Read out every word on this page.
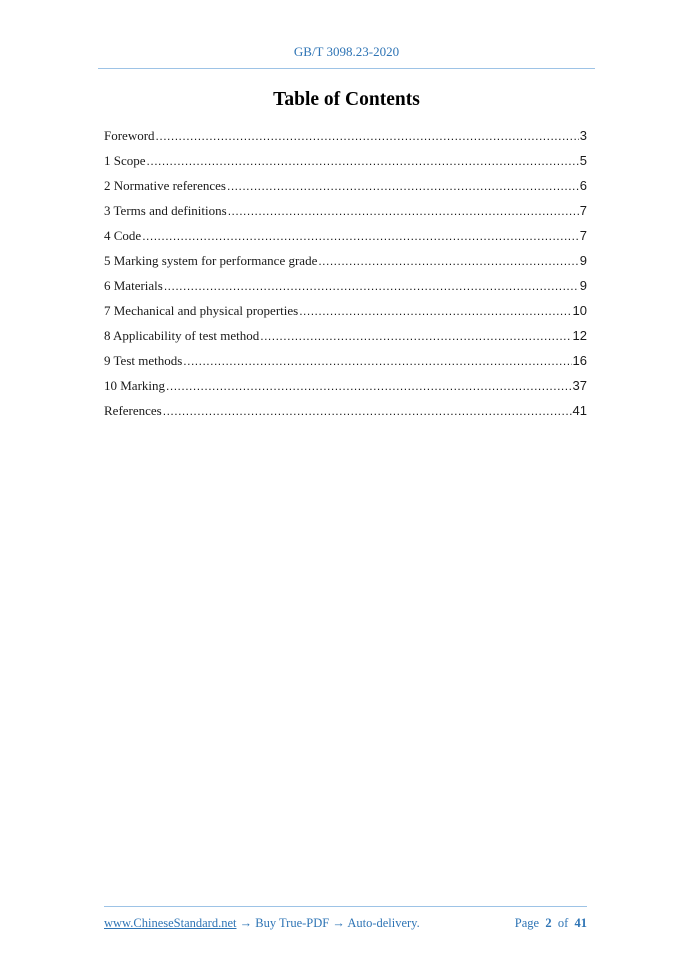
GB/T 3098.23-2020
Table of Contents
Foreword .....	3
1 Scope .....	5
2 Normative references .....	6
3 Terms and definitions .....	7
4 Code .....	7
5 Marking system for performance grade .....	9
6 Materials .....	9
7 Mechanical and physical properties .....	10
8 Applicability of test method .....	12
9 Test methods .....	16
10 Marking .....	37
References .....	41
www.ChineseStandard.net → Buy True-PDF → Auto-delivery.	Page 2 of 41
